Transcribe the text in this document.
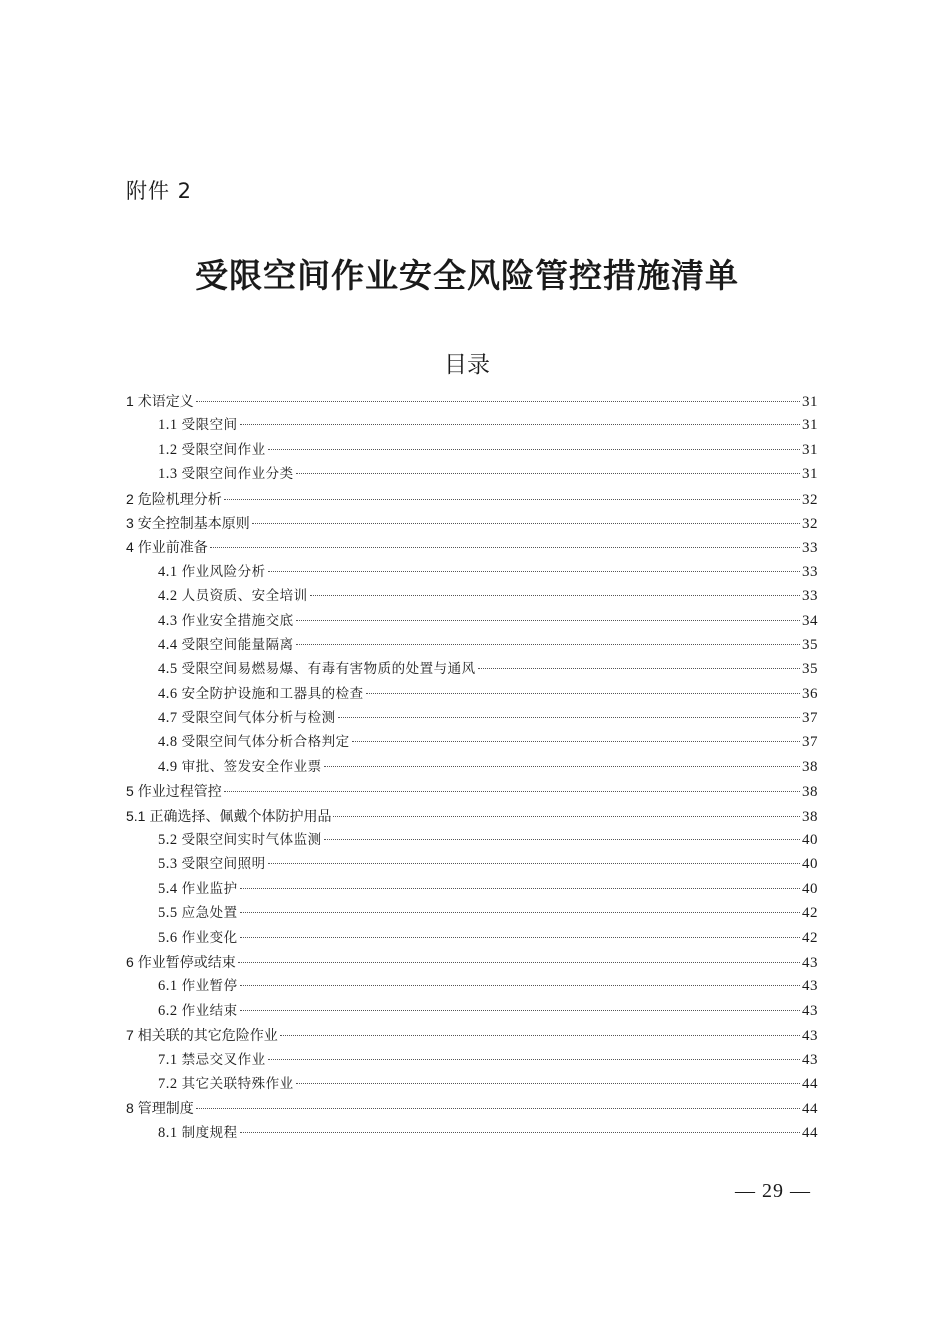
附件 2
受限空间作业安全风险管控措施清单
目录
1 术语定义	31
1.1 受限空间	31
1.2 受限空间作业	31
1.3 受限空间作业分类	31
2 危险机理分析	32
3 安全控制基本原则	32
4 作业前准备	33
4.1 作业风险分析	33
4.2 人员资质、安全培训	33
4.3 作业安全措施交底	34
4.4 受限空间能量隔离	35
4.5 受限空间易燃易爆、有毒有害物质的处置与通风	35
4.6 安全防护设施和工器具的检查	36
4.7 受限空间气体分析与检测	37
4.8 受限空间气体分析合格判定	37
4.9 审批、签发安全作业票	38
5 作业过程管控	38
5.1 正确选择、佩戴个体防护用品	38
5.2 受限空间实时气体监测	40
5.3 受限空间照明	40
5.4 作业监护	40
5.5 应急处置	42
5.6 作业变化	42
6 作业暂停或结束	43
6.1 作业暂停	43
6.2 作业结束	43
7 相关联的其它危险作业	43
7.1 禁忌交叉作业	43
7.2 其它关联特殊作业	44
8 管理制度	44
8.1 制度规程	44
— 29 —
